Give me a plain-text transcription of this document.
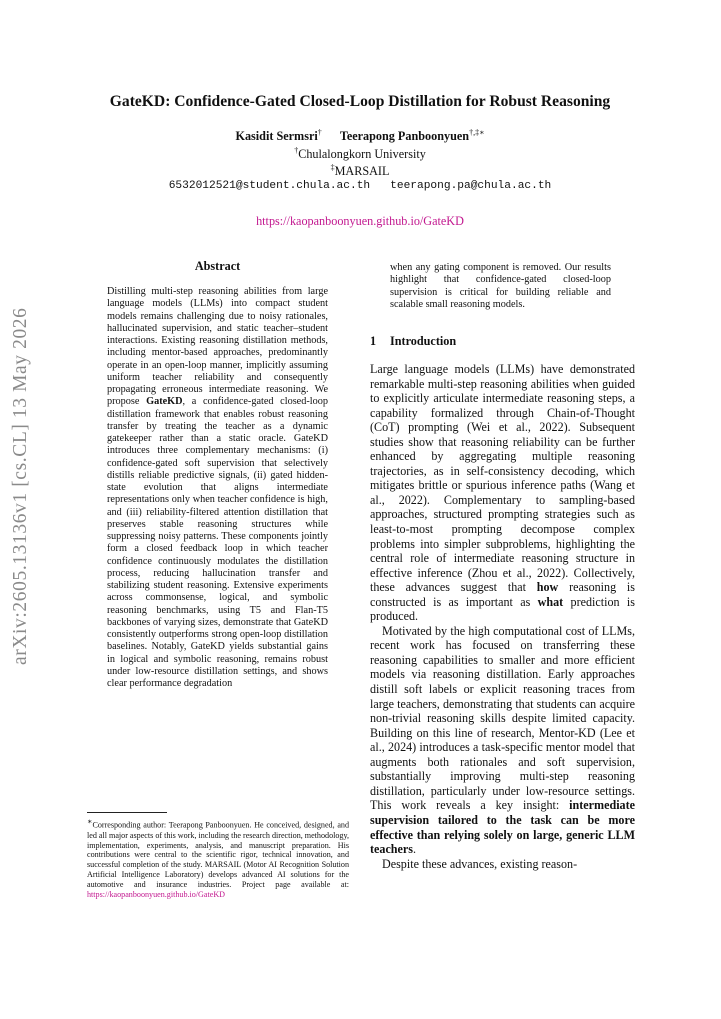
arXiv:2605.13136v1 [cs.CL] 13 May 2026
GateKD: Confidence-Gated Closed-Loop Distillation for Robust Reasoning
Kasidit Sermsri† Teerapong Panboonyuen†,‡∗
†Chulalongkorn University
‡MARSAIL
6532012521@student.chula.ac.th teerapong.pa@chula.ac.th
https://kaopanboonyuen.github.io/GateKD
Abstract
Distilling multi-step reasoning abilities from large language models (LLMs) into compact student models remains challenging due to noisy rationales, hallucinated supervision, and static teacher–student interactions. Existing reasoning distillation methods, including mentor-based approaches, predominantly operate in an open-loop manner, implicitly assuming uniform teacher reliability and consequently propagating erroneous intermediate reasoning. We propose GateKD, a confidence-gated closed-loop distillation framework that enables robust reasoning transfer by treating the teacher as a dynamic gatekeeper rather than a static oracle. GateKD introduces three complementary mechanisms: (i) confidence-gated soft supervision that selectively distills reliable predictive signals, (ii) gated hidden-state evolution that aligns intermediate representations only when teacher confidence is high, and (iii) reliability-filtered attention distillation that preserves stable reasoning structures while suppressing noisy patterns. These components jointly form a closed feedback loop in which teacher confidence continuously modulates the distillation process, reducing hallucination transfer and stabilizing student reasoning. Extensive experiments across commonsense, logical, and symbolic reasoning benchmarks, using T5 and Flan-T5 backbones of varying sizes, demonstrate that GateKD consistently outperforms strong open-loop distillation baselines. Notably, GateKD yields substantial gains in logical and symbolic reasoning, remains robust under low-resource distillation settings, and shows clear performance degradation
when any gating component is removed. Our results highlight that confidence-gated closed-loop supervision is critical for building reliable and scalable small reasoning models.
∗Corresponding author: Teerapong Panboonyuen. He conceived, designed, and led all major aspects of this work, including the research direction, methodology, implementation, experiments, analysis, and manuscript preparation. His contributions were central to the scientific rigor, technical innovation, and successful completion of the study. MARSAIL (Motor AI Recognition Solution Artificial Intelligence Laboratory) develops advanced AI solutions for the automotive and insurance industries. Project page available at: https://kaopanboonyuen.github.io/GateKD
1 Introduction

Large language models (LLMs) have demonstrated remarkable multi-step reasoning abilities when guided to explicitly articulate intermediate reasoning steps, a capability formalized through Chain-of-Thought (CoT) prompting (Wei et al., 2022). Subsequent studies show that reasoning reliability can be further enhanced by aggregating multiple reasoning trajectories, as in self-consistency decoding, which mitigates brittle or spurious inference paths (Wang et al., 2022). Complementary to sampling-based approaches, structured prompting strategies such as least-to-most prompting decompose complex problems into simpler subproblems, highlighting the central role of intermediate reasoning structure in effective inference (Zhou et al., 2022). Collectively, these advances suggest that how reasoning is constructed is as important as what prediction is produced.

Motivated by the high computational cost of LLMs, recent work has focused on transferring these reasoning capabilities to smaller and more efficient models via reasoning distillation. Early approaches distill soft labels or explicit reasoning traces from large teachers, demonstrating that students can acquire non-trivial reasoning skills despite limited capacity. Building on this line of research, Mentor-KD (Lee et al., 2024) introduces a task-specific mentor model that augments both rationales and soft supervision, substantially improving multi-step reasoning distillation, particularly under low-resource settings. This work reveals a key insight: intermediate supervision tailored to the task can be more effective than relying solely on large, generic LLM teachers.

Despite these advances, existing reason-
